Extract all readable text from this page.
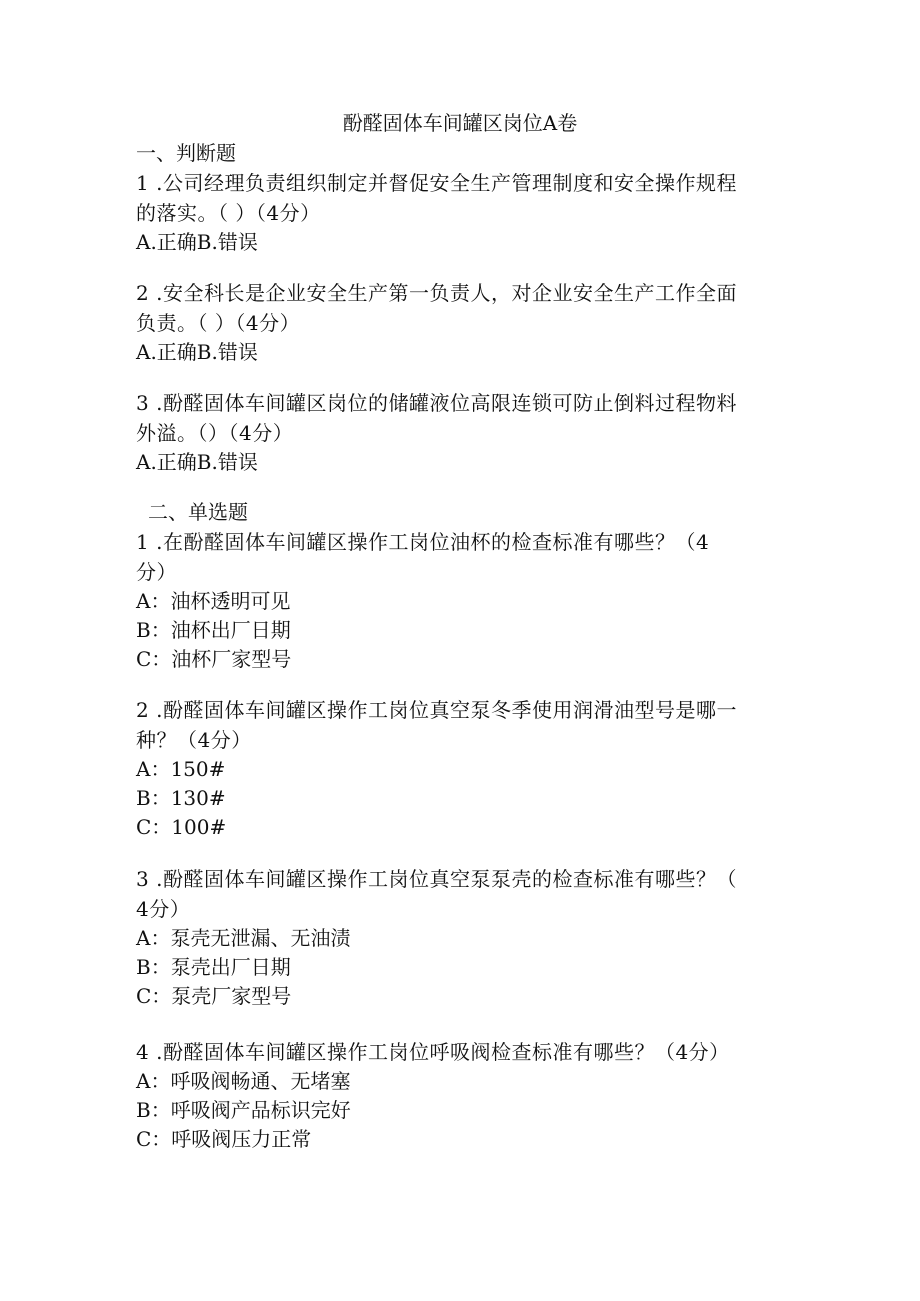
酚醛固体车间罐区岗位A卷

一、判断题

1 .公司经理负责组织制定并督促安全生产管理制度和安全操作规程

的落实。（ ）（4分）

A.正确B.错误

2 .安全科长是企业安全生产第一负责人，对企业安全生产工作全面

负责。（ ）（4分）

A.正确B.错误

3 .酚醛固体车间罐区岗位的储罐液位高限连锁可防止倒料过程物料

外溢。（）（4分）

A.正确B.错误

二、单选题

1 .在酚醛固体车间罐区操作工岗位油杯的检查标准有哪些？（4

分）

A：油杯透明可见

B：油杯出厂日期

C：油杯厂家型号

2 .酚醛固体车间罐区操作工岗位真空泵冬季使用润滑油型号是哪一

种？（4分）

A：150#

B：130#

C：100#

3 .酚醛固体车间罐区操作工岗位真空泵泵壳的检查标准有哪些？（

4分）

A：泵壳无泄漏、无油渍

B：泵壳出厂日期

C：泵壳厂家型号

4 .酚醛固体车间罐区操作工岗位呼吸阀检查标准有哪些？（4分）

A：呼吸阀畅通、无堵塞

B：呼吸阀产品标识完好

C：呼吸阀压力正常
